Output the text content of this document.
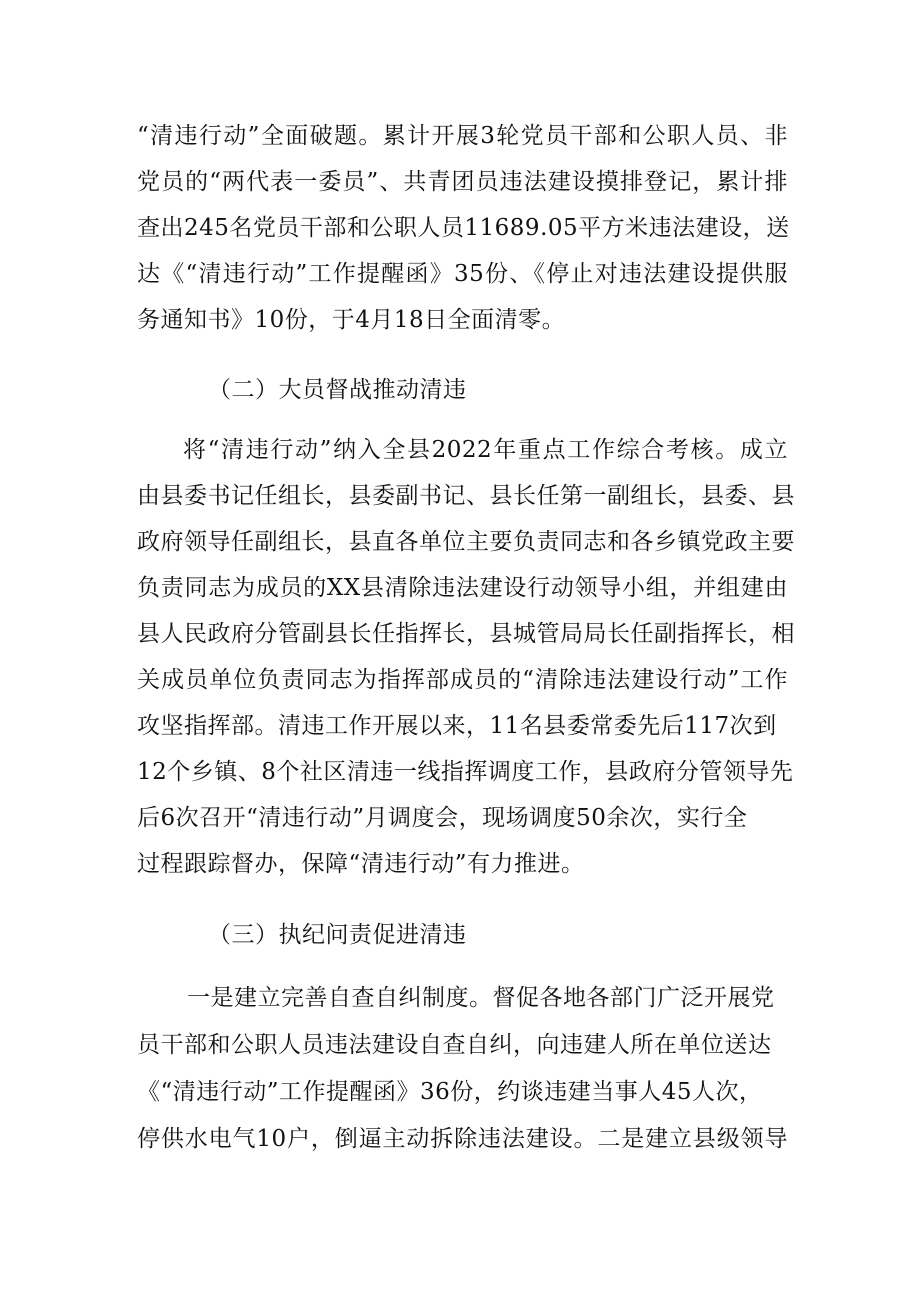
“清违行动”全面破题。累计开展3轮党员干部和公职人员、非
党员的“两代表一委员”、共青团员违法建设摸排登记，累计排
查出245名党员干部和公职人员11689.05平方米违法建设，送
达《“清违行动”工作提醒函》35份、《停止对违法建设提供服
务通知书》10份，于4月18日全面清零。
（二）大员督战推动清违
将“清违行动”纳入全县2022年重点工作综合考核。成立
由县委书记任组长，县委副书记、县长任第一副组长，县委、县
政府领导任副组长，县直各单位主要负责同志和各乡镇党政主要
负责同志为成员的XX县清除违法建设行动领导小组，并组建由
县人民政府分管副县长任指挥长，县城管局局长任副指挥长，相
关成员单位负责同志为指挥部成员的“清除违法建设行动”工作
攻坚指挥部。清违工作开展以来，11名县委常委先后117次到
12个乡镇、8个社区清违一线指挥调度工作，县政府分管领导先
后6次召开“清违行动”月调度会，现场调度50余次，实行全
过程跟踪督办，保障“清违行动”有力推进。
（三）执纪问责促进清违
一是建立完善自查自纠制度。督促各地各部门广泛开展党
员干部和公职人员违法建设自查自纠，向违建人所在单位送达
《“清违行动”工作提醒函》36份，约谈违建当事人45人次，
停供水电气10户，倒逼主动拆除违法建设。二是建立县级领导
